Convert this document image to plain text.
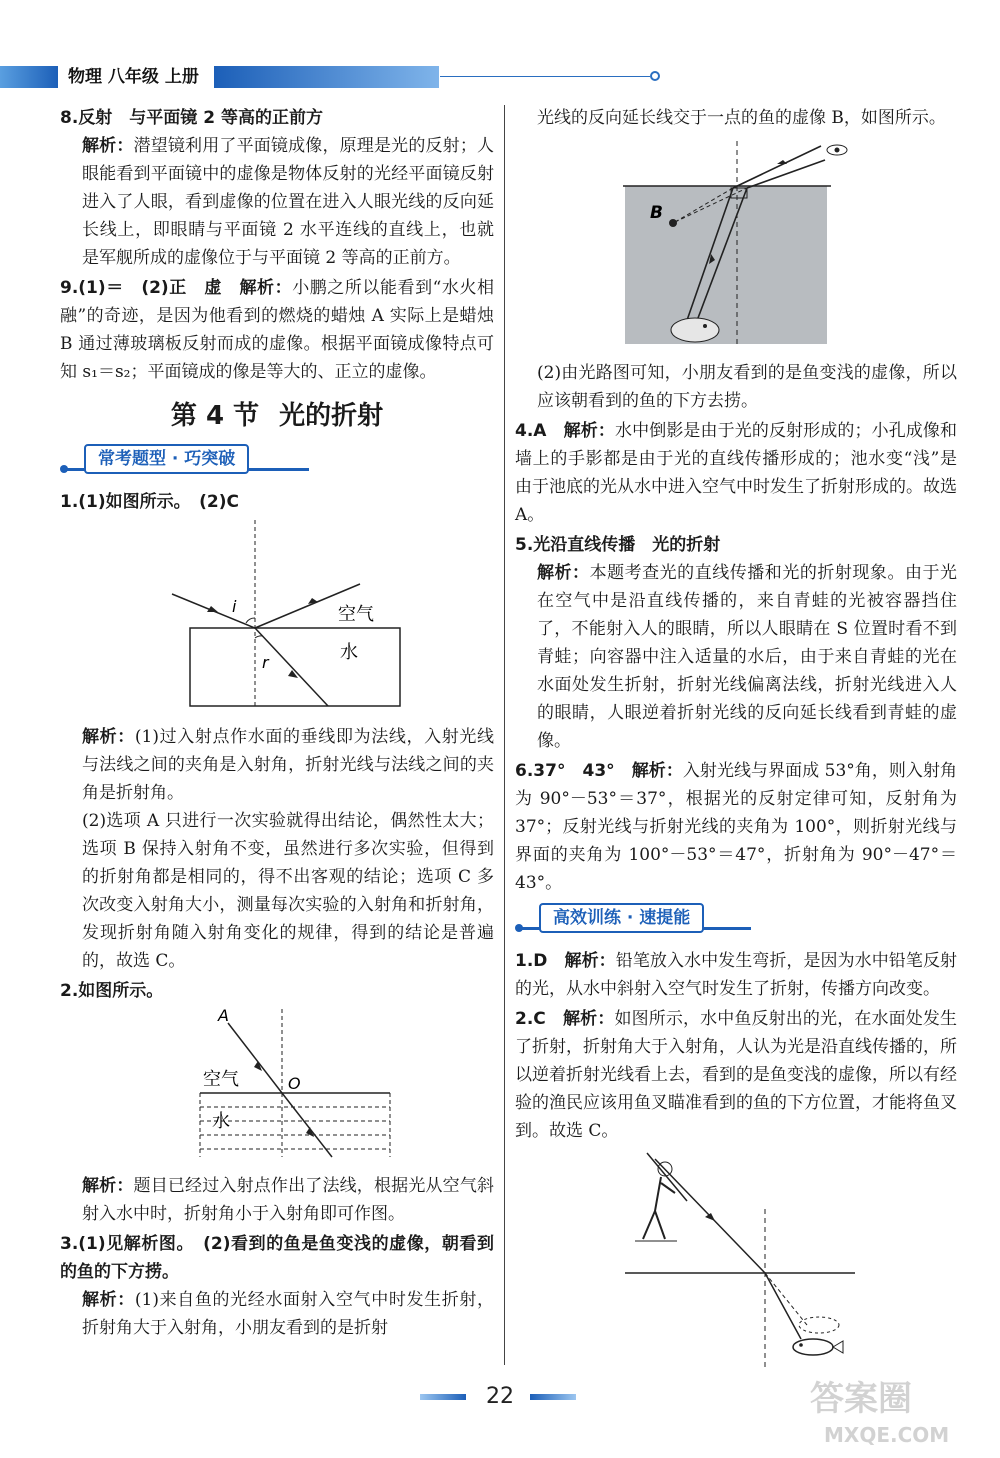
物理 八年级 上册
8.反射　与平面镜 2 等高的正前方
解析：潜望镜利用了平面镜成像，原理是光的反射；人眼能看到平面镜中的虚像是物体反射的光经平面镜反射进入了人眼，看到虚像的位置在进入人眼光线的反向延长线上，即眼睛与平面镜 2 水平连线的直线上，也就是军舰所成的虚像位于与平面镜 2 等高的正前方。
9.(1)＝　(2)正　虚　 解析：小鹏之所以能看到“水火相融”的奇迹，是因为他看到的燃烧的蜡烛 A 实际上是蜡烛 B 通过薄玻璃板反射而成的虚像。根据平面镜成像特点可知 s₁＝s₂；平面镜成的像是等大的、正立的虚像。
第 4 节 光的折射
常考题型 · 巧突破
1.(1)如图所示。　(2)C
i
r
空气
水
解析：(1)过入射点作水面的垂线即为法线，入射光线与法线之间的夹角是入射角，折射光线与法线之间的夹角是折射角。
(2)选项 A 只进行一次实验就得出结论，偶然性太大；选项 B 保持入射角不变，虽然进行多次实验，但得到的折射角都是相同的，得不出客观的结论；选项 C 多次改变入射角大小，测量每次实验的入射角和折射角，发现折射角随入射角变化的规律，得到的结论是普遍的，故选 C。
2.如图所示。
A
O
空气
水
解析：题目已经过入射点作出了法线，根据光从空气斜射入水中时，折射角小于入射角即可作图。
3.(1)见解析图。　(2)看到的鱼是鱼变浅的虚像，朝看到的鱼的下方捞。
解析：(1)来自鱼的光经水面射入空气中时发生折射，折射角大于入射角，小朋友看到的是折射
光线的反向延长线交于一点的鱼的虚像 B，如图所示。
B
(2)由光路图可知，小朋友看到的是鱼变浅的虚像，所以应该朝看到的鱼的下方去捞。
4.A　 解析：水中倒影是由于光的反射形成的；小孔成像和墙上的手影都是由于光的直线传播形成的；池水变“浅”是由于池底的光从水中进入空气中时发生了折射形成的。故选 A。
5.光沿直线传播　光的折射
解析：本题考查光的直线传播和光的折射现象。由于光在空气中是沿直线传播的，来自青蛙的光被容器挡住了，不能射入人的眼睛，所以人眼睛在 S 位置时看不到青蛙；向容器中注入适量的水后，由于来自青蛙的光在水面处发生折射，折射光线偏离法线，折射光线进入人的眼睛，人眼逆着折射光线的反向延长线看到青蛙的虚像。
6.37°　43°　 解析：入射光线与界面成 53°角，则入射角为 90°－53°＝37°，根据光的反射定律可知，反射角为 37°；反射光线与折射光线的夹角为 100°，则折射光线与界面的夹角为 100°－53°＝47°，折射角为 90°－47°＝43°。
高效训练 · 速提能
1.D　 解析：铅笔放入水中发生弯折，是因为水中铅笔反射的光，从水中斜射入空气时发生了折射，传播方向改变。
2.C　 解析：如图所示，水中鱼反射出的光，在水面处发生了折射，折射角大于入射角，人认为光是沿直线传播的，所以逆着折射光线看上去，看到的是鱼变浅的虚像，所以有经验的渔民应该用鱼叉瞄准看到的鱼的下方位置，才能将鱼叉到。故选 C。
22	答案圈
MXQE.COM
